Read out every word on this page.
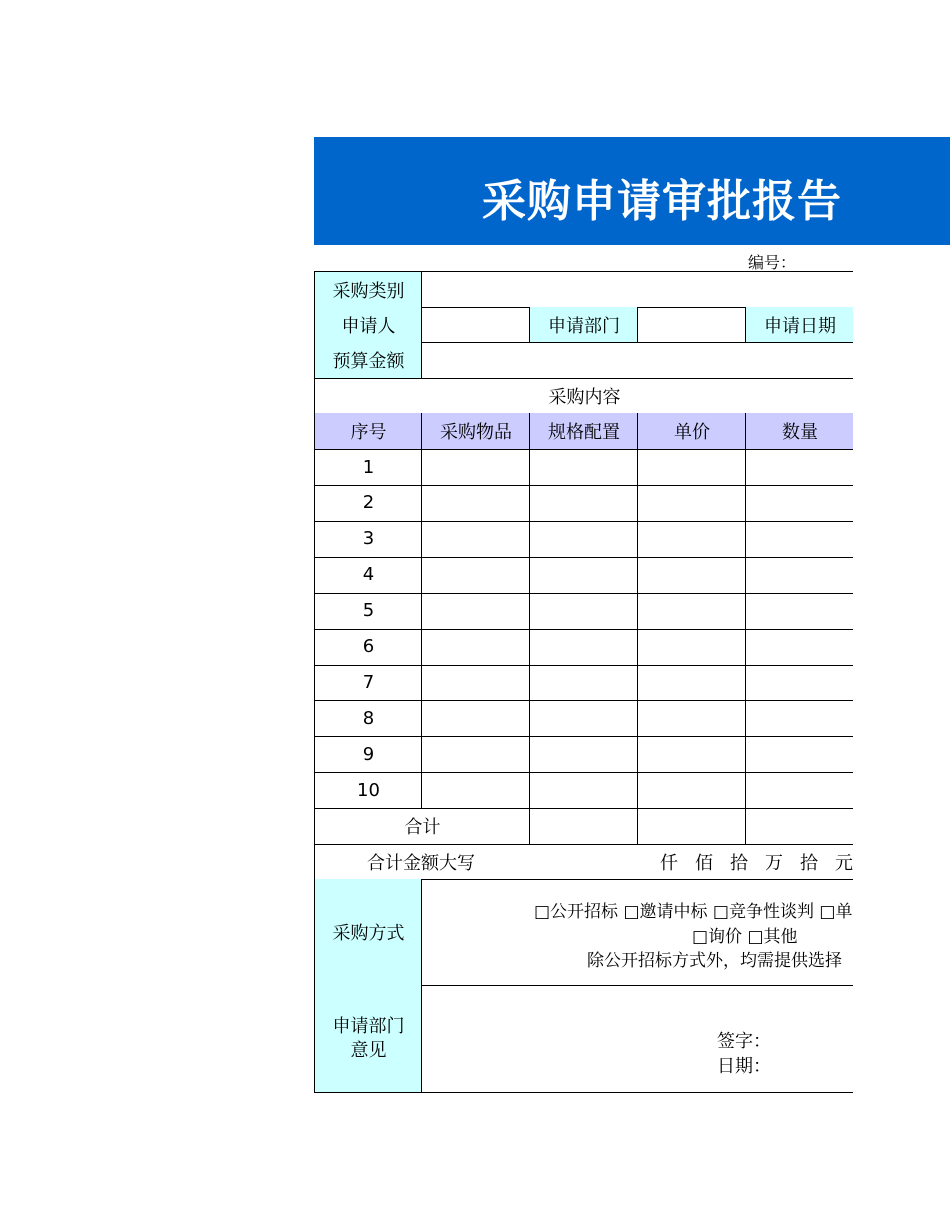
采购申请审批报告
编号：
采购类别
申请人	申请部门	申请日期
预算金额
采购内容
序号	采购物品	规格配置	单价	数量
1
2
3
4
5
6
7
8
9
10
合计
合计金额大写	仟 佰 拾 万 拾 元
采购方式
□公开招标 □邀请中标 □竞争性谈判 □单
□询价 □其他
除公开招标方式外，均需提供选择
申请部门意见	签字：
日期：
